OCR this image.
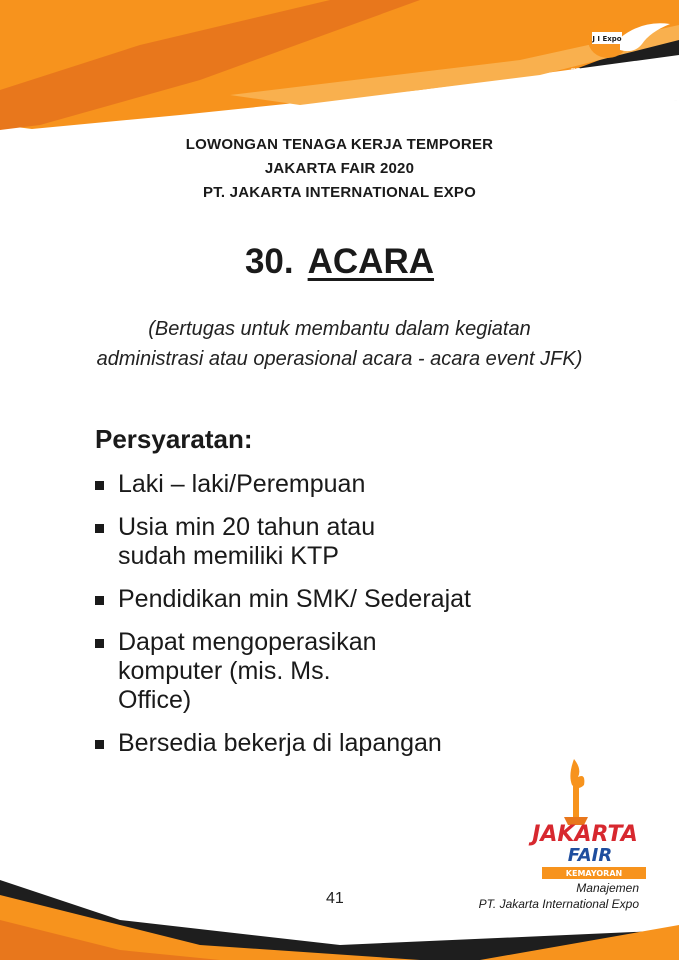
J I Expo
PT Jakarta International Expo
LOWONGAN TENAGA KERJA TEMPORER
JAKARTA FAIR 2020
PT. JAKARTA INTERNATIONAL EXPO
30. ACARA
(Bertugas untuk membantu dalam kegiatan
administrasi atau operasional acara - acara event JFK)
Persyaratan:
Laki – laki/Perempuan
Usia min 20 tahun atau
sudah memiliki KTP
Pendidikan min SMK/ Sederajat
Dapat mengoperasikan
komputer (mis. Ms.
Office)
Bersedia bekerja di lapangan
JAKARTA
FAIR
KEMAYORAN
41
Manajemen
PT. Jakarta International Expo
